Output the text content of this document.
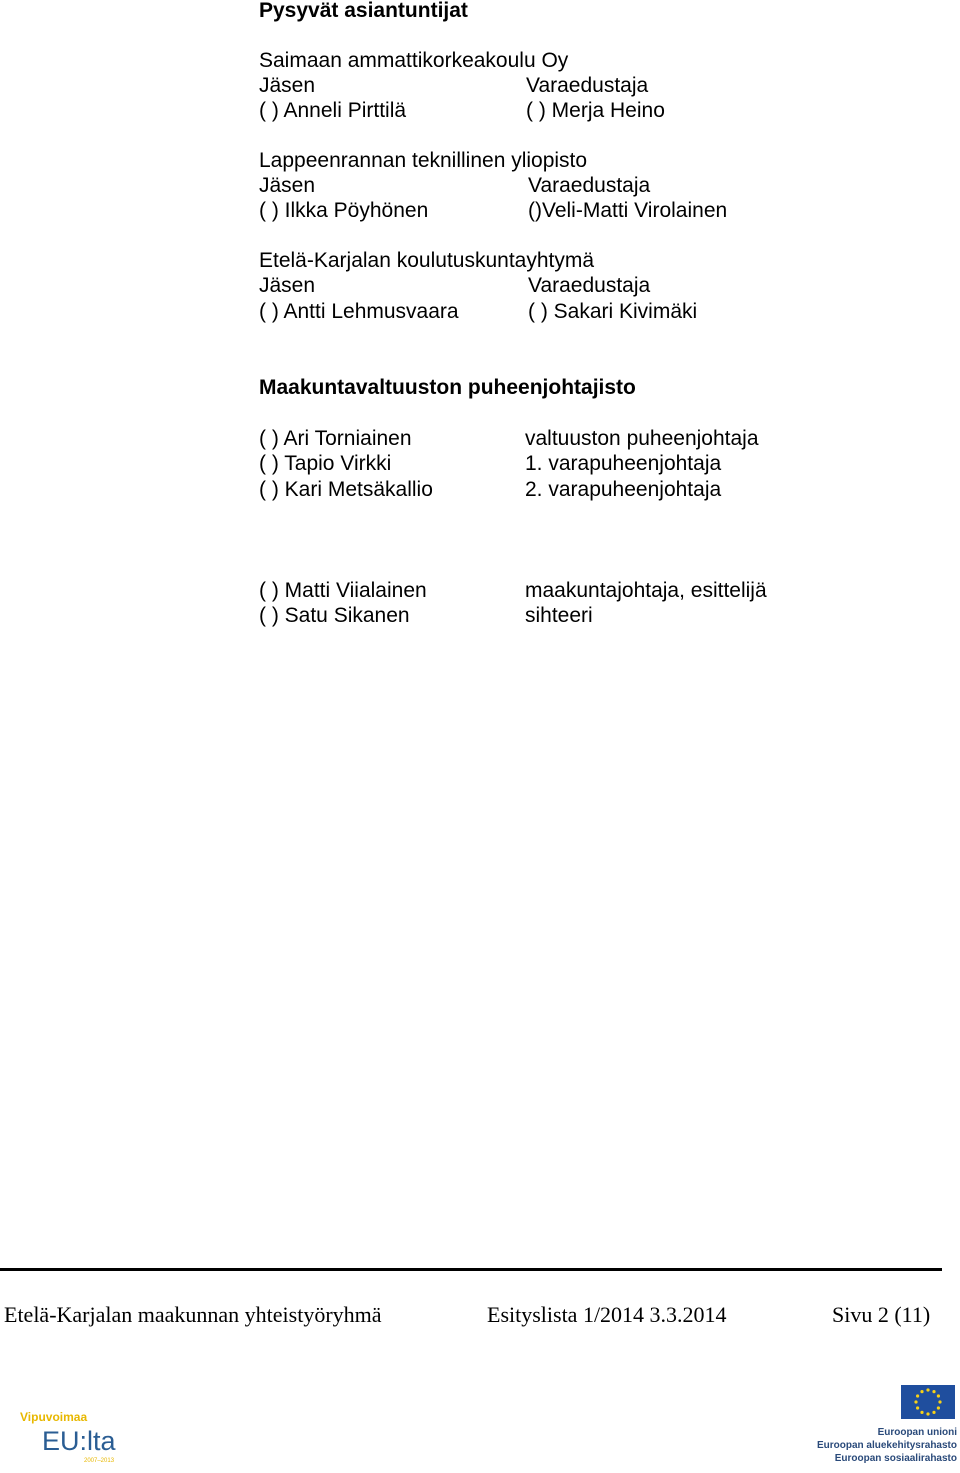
Pysyvät asiantuntijat
Saimaan ammattikorkeakoulu Oy
Jäsen	Varaedustaja
( ) Anneli Pirttilä	( ) Merja Heino
Lappeenrannan teknillinen yliopisto
Jäsen	Varaedustaja
( ) Ilkka Pöyhönen	()Veli-Matti Virolainen
Etelä-Karjalan koulutuskuntayhtymä
Jäsen	Varaedustaja
( ) Antti Lehmusvaara	( ) Sakari Kivimäki
Maakuntavaltuuston puheenjohtajisto
( ) Ari Torniainen	valtuuston puheenjohtaja
( ) Tapio Virkki	1. varapuheenjohtaja
( ) Kari Metsäkallio	2. varapuheenjohtaja
( ) Matti Viialainen	maakuntajohtaja, esittelijä
( ) Satu Sikanen	sihteeri
Etelä-Karjalan maakunnan yhteistyöryhmä	Esityslista 1/2014 3.3.2014	Sivu 2 (11)
Vipuvoimaa
EU:lta
2007–2013
Euroopan unioni
Euroopan aluekehitysrahasto
Euroopan sosiaalirahasto
